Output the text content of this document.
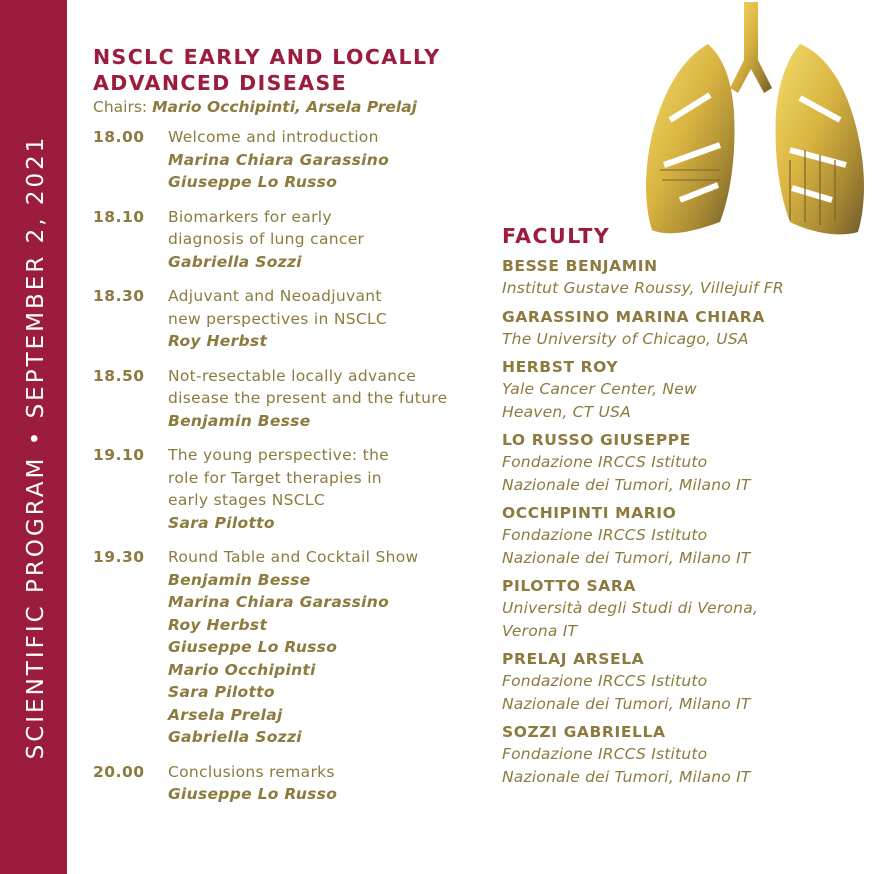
SCIENTIFIC PROGRAM • SEPTEMBER 2, 2021
NSCLC EARLY AND LOCALLY
ADVANCED DISEASE
Chairs: Mario Occhipinti, Arsela Prelaj
18.00	Welcome and introduction
Marina Chiara Garassino
Giuseppe Lo Russo
18.10	Biomarkers for early
diagnosis of lung cancer
Gabriella Sozzi
18.30	Adjuvant and Neoadjuvant
new perspectives in NSCLC
Roy Herbst
18.50	Not-resectable locally advance
disease the present and the future
Benjamin Besse
19.10	The young perspective: the
role for Target therapies in
early stages NSCLC
Sara Pilotto
19.30	Round Table and Cocktail Show
Benjamin Besse
Marina Chiara Garassino
Roy Herbst
Giuseppe Lo Russo
Mario Occhipinti
Sara Pilotto
Arsela Prelaj
Gabriella Sozzi
20.00	Conclusions remarks
Giuseppe Lo Russo
FACULTY
BESSE BENJAMIN
Institut Gustave Roussy, Villejuif FR
GARASSINO MARINA CHIARA
The University of Chicago, USA
HERBST ROY
Yale Cancer Center, New
Heaven, CT USA
LO RUSSO GIUSEPPE
Fondazione IRCCS Istituto
Nazionale dei Tumori, Milano IT
OCCHIPINTI MARIO
Fondazione IRCCS Istituto
Nazionale dei Tumori, Milano IT
PILOTTO SARA
Università degli Studi di Verona,
Verona IT
PRELAJ ARSELA
Fondazione IRCCS Istituto
Nazionale dei Tumori, Milano IT
SOZZI GABRIELLA
Fondazione IRCCS Istituto
Nazionale dei Tumori, Milano IT
